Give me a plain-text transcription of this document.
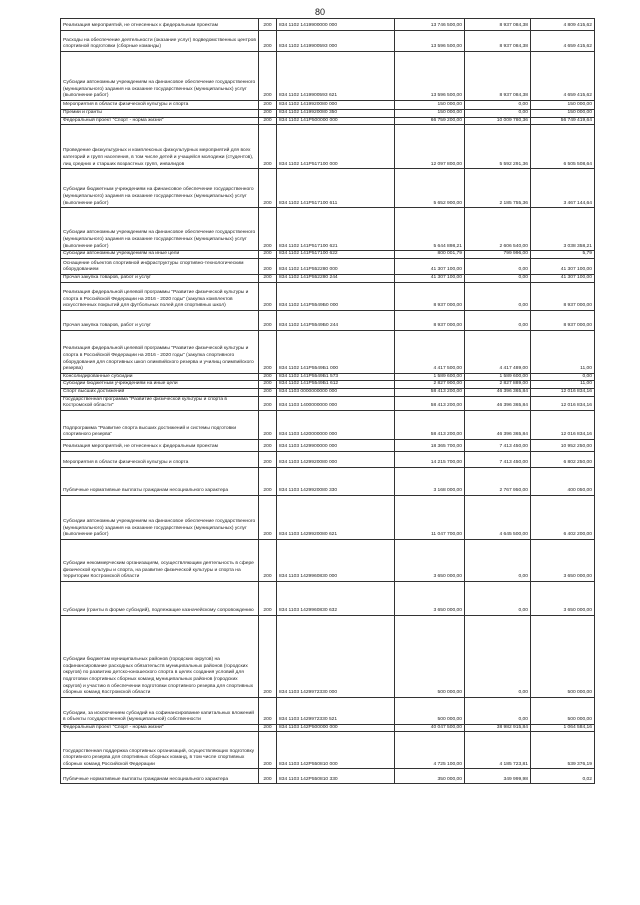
80
Реализация мероприятий, не отнесенных к федеральным проектам	200	834 1102 1419900000 000	13 746 500,00	8 937 084,38	4 809 415,62
Расходы на обеспечение деятельности (оказание услуг) подведомственных центров спортивной подготовки (сборные команды)	200	834 1102 1419900593 000	13 596 500,00	8 937 084,38	4 659 415,62
Субсидии автономным учреждениям на финансовое обеспечение государственного (муниципального) задания на оказание государственных (муниципальных) услуг (выполнение работ)	200	834 1102 1419900593 621	13 596 500,00	8 937 084,38	4 659 415,62
Мероприятия в области физической культуры и спорта	200	834 1102 1419920080 000	150 000,00	0,00	150 000,00
Премии и гранты	200	834 1102 1419920080 350	150 000,00	0,00	150 000,00
Федеральный проект "Спорт - норма жизни"	200	834 1102 141P500000 000	66 759 200,00	10 009 780,36	56 749 419,64
Проведение физкультурных и комплексных физкультурных мероприятий для всех категорий и групп населения, в том числе детей и учащейся молодежи (студентов), лиц средних и старших возрастных групп, инвалидов	200	834 1102 141P517100 000	12 097 800,00	5 592 291,36	6 505 508,64
Субсидии бюджетным учреждениям на финансовое обеспечение государственного (муниципального) задания на оказание государственных (муниципальных) услуг (выполнение работ)	200	834 1102 141P517100 611	5 652 900,00	2 185 755,36	3 467 144,64
Субсидии автономным учреждениям на финансовое обеспечение государственного (муниципального) задания на оказание государственных (муниципальных) услуг (выполнение работ)	200	834 1102 141P517100 621	5 644 898,21	2 606 540,00	3 038 358,21
Субсидии автономным учреждениям на иные цели	200	834 1102 141P517100 622	800 001,79	799 996,00	5,79
Оснащение объектов спортивной инфраструктуры спортивно-технологическим оборудованием	200	834 1102 141P552280 000	41 307 100,00	0,00	41 307 100,00
Прочая закупка товаров, работ и услуг	200	834 1102 141P552280 244	41 307 100,00	0,00	41 307 100,00
Реализация федеральной целевой программы "Развитие физической культуры и спорта в Российской Федерации на 2016 - 2020 годы" (закупка комплектов искусственных покрытий для футбольных полей для спортивных школ)	200	834 1102 141P5549Б0 000	8 937 000,00	0,00	8 937 000,00
Прочая закупка товаров, работ и услуг	200	834 1102 141P5549Б0 244	8 937 000,00	0,00	8 937 000,00
Реализация федеральной целевой программы "Развитие физической культуры и спорта в Российской Федерации на 2016 - 2020 годы" (закупка спортивного оборудования для спортивных школ олимпийского резерва и училищ олимпийского резерва)	200	834 1102 141P5549Б1 000	4 417 500,00	4 417 489,00	11,00
Консолидированные субсидии	200	834 1102 141P5549Б1 573	1 589 600,00	1 589 600,00	0,00
Субсидии бюджетным учреждениям на иные цели	200	834 1102 141P5549Б1 612	2 827 900,00	2 827 889,00	11,00
Спорт высших достижений	200	834 1103 0000000000 000	58 413 200,00	46 396 365,84	12 016 834,16
Государственная программа "Развитие физической культуры и спорта в Костромской области"	200	834 1103 1400000000 000	58 413 200,00	46 396 365,84	12 016 834,16
Подпрограмма "Развитие спорта высших достижений и системы подготовки спортивного резерва"	200	834 1103 1420000000 000	58 413 200,00	46 396 365,84	12 016 834,16
Реализация мероприятий, не отнесенных к федеральным проектам	200	834 1103 1429900000 000	18 365 700,00	7 413 450,00	10 952 250,00
Мероприятия в области физической культуры и спорта	200	834 1103 1429920080 000	14 215 700,00	7 413 450,00	6 802 250,00
Публичные нормативные выплаты гражданам несоциального характера	200	834 1103 1429920080 330	3 168 000,00	2 767 950,00	400 050,00
Субсидии автономным учреждениям на финансовое обеспечение государственного (муниципального) задания на оказание государственных (муниципальных) услуг (выполнение работ)	200	834 1103 1429920080 621	11 047 700,00	4 645 500,00	6 402 200,00
Субсидии некоммерческим организациям, осуществляющим деятельность в сфере физической культуры и спорта, на развитие физической культуры и спорта на территории Костромской области	200	834 1103 1429960830 000	3 650 000,00	0,00	3 650 000,00
Субсидии (гранты в форме субсидий), подлежащие казначейскому сопровождению	200	834 1103 1429960830 632	3 650 000,00	0,00	3 650 000,00
Субсидии бюджетам муниципальных районов (городских округов) на софинансирование расходных обязательств муниципальных районов (городских округов) по развитию детско-юношеского спорта в целях создания условий для подготовки спортивных сборных команд муниципальных районов (городских округов) и участию в обеспечении подготовки спортивного резерва для спортивных сборных команд Костромской области	200	834 1103 1429972330 000	500 000,00	0,00	500 000,00
Субсидии, за исключением субсидий на софинансирование капитальных вложений в объекты государственной (муниципальной) собственности	200	834 1103 1429972330 521	500 000,00	0,00	500 000,00
Федеральный проект "Спорт - норма жизни"	200	834 1103 142P500000 000	40 047 500,00	38 982 915,84	1 064 584,16
Государственная поддержка спортивных организаций, осуществляющих подготовку спортивного резерва для спортивных сборных команд, в том числе спортивных сборных команд Российской Федерации	200	834 1103 142P550810 000	4 725 100,00	4 185 723,81	539 376,19
Публичные нормативные выплаты гражданам несоциального характера	200	834 1103 142P550810 330	350 000,00	349 999,98	0,02
